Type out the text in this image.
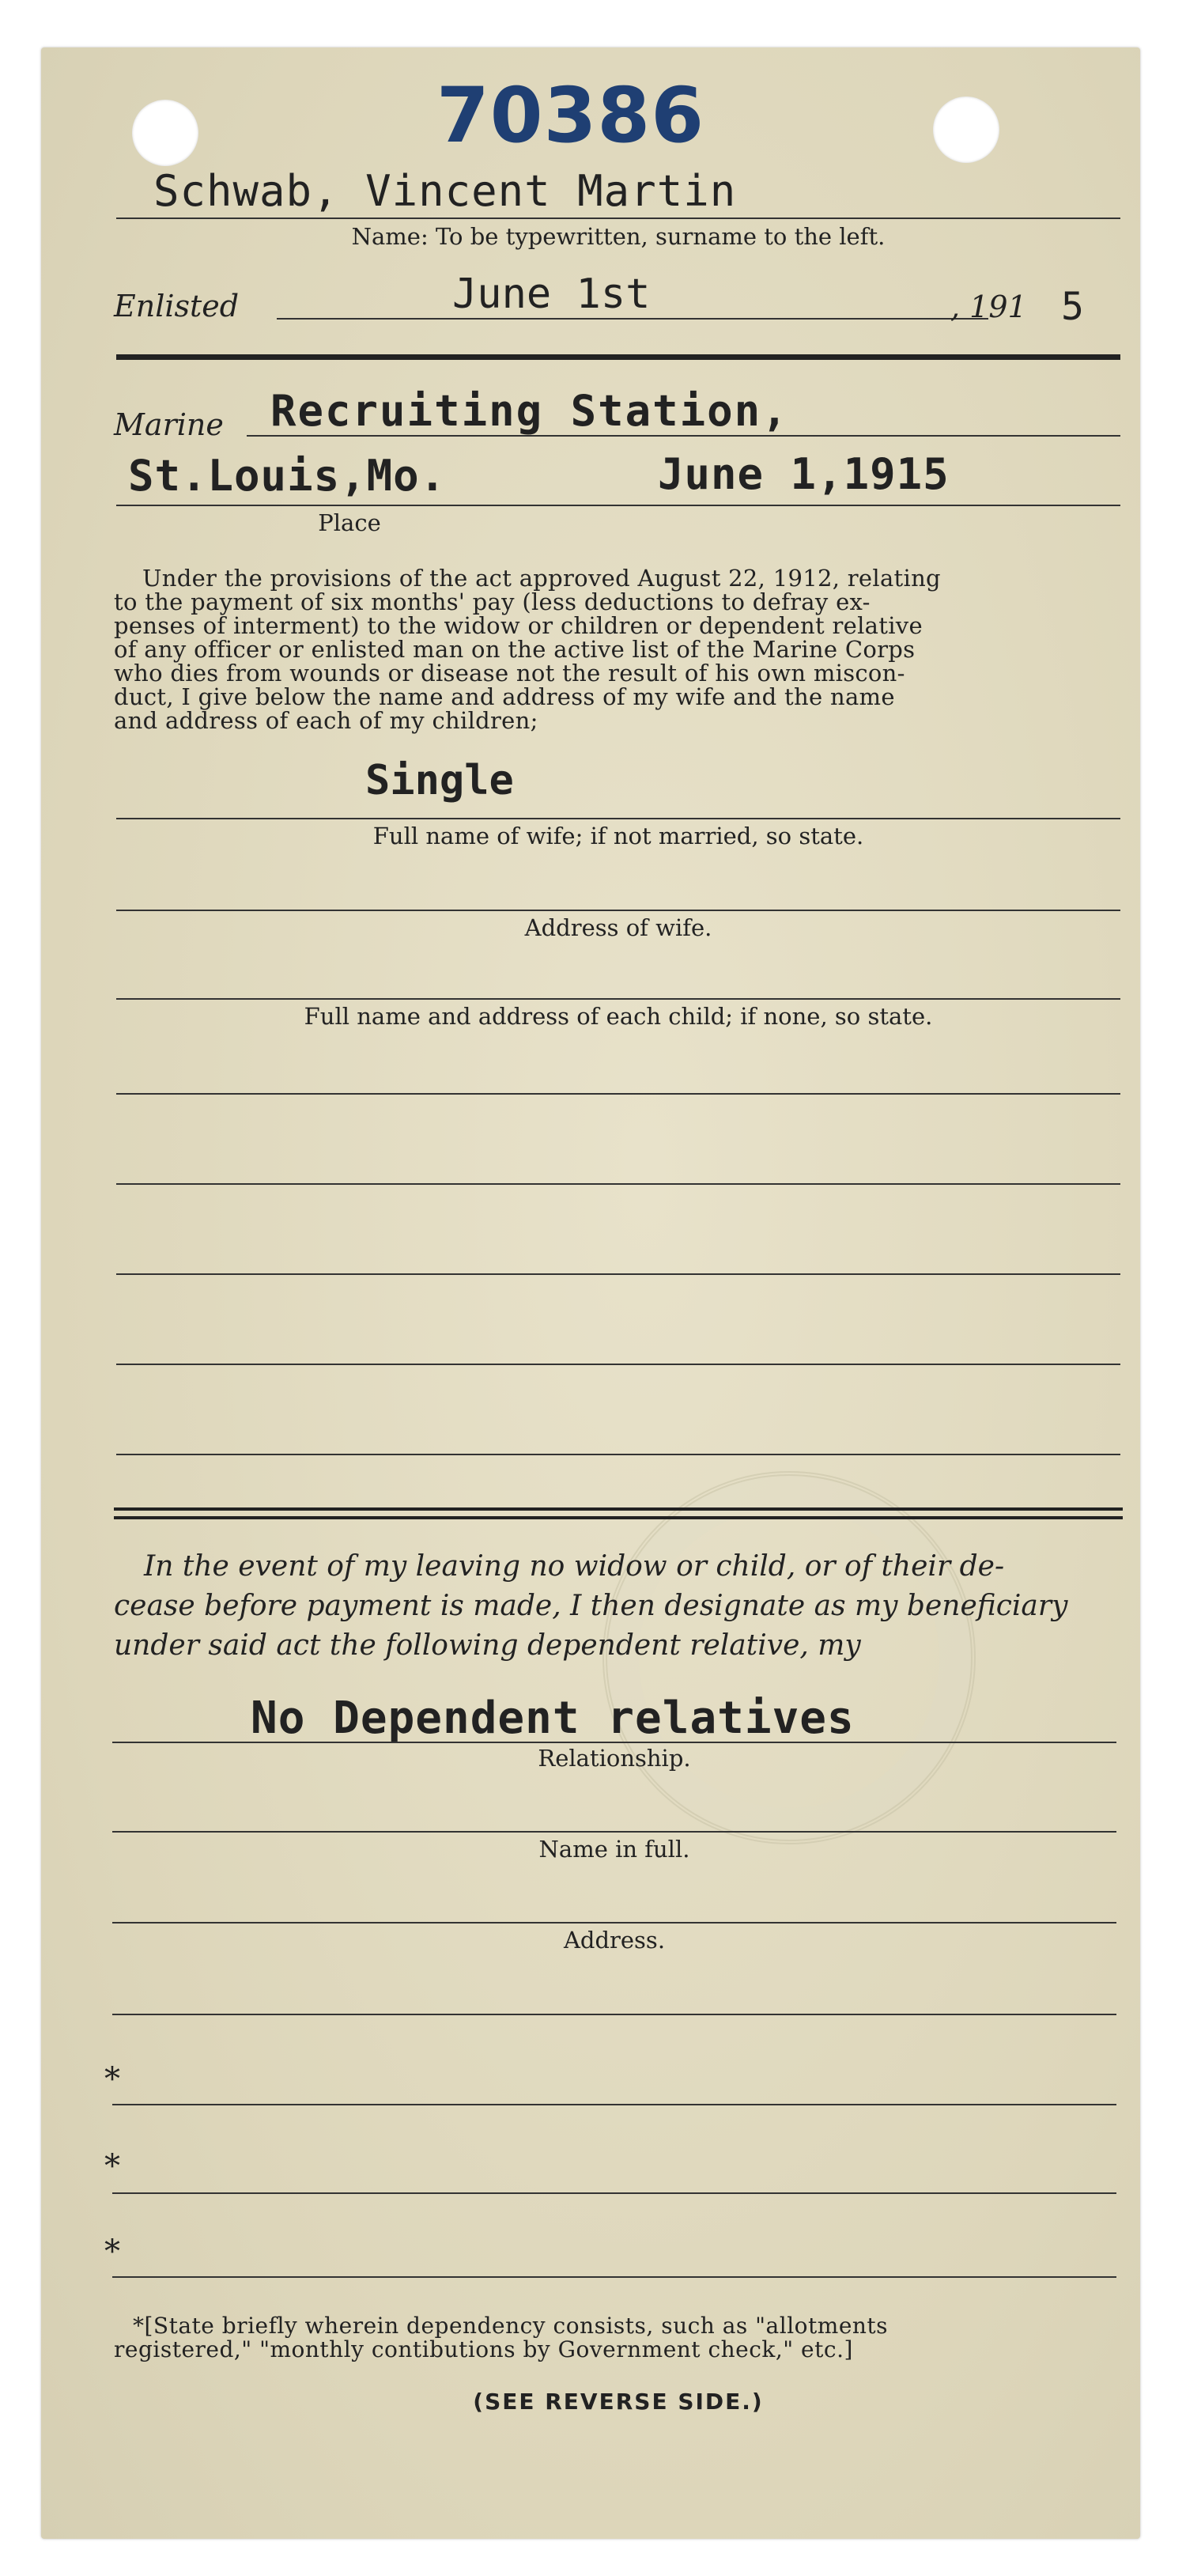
70386
Schwab, Vincent Martin
Name: To be typewritten, surname to the left.
Enlisted	June 1st	, 191 5
Marine Recruiting Station,
St.Louis,Mo.	June 1,1915
Place
Under the provisions of the act approved August 22, 1912, relating
to the payment of six months' pay (less deductions to defray ex-
penses of interment) to the widow or children or dependent relative
of any officer or enlisted man on the active list of the Marine Corps
who dies from wounds or disease not the result of his own miscon-
duct, I give below the name and address of my wife and the name
and address of each of my children;
Single
Full name of wife; if not married, so state.
Address of wife.
Full name and address of each child; if none, so state.
In the event of my leaving no widow or child, or of their de-
cease before payment is made, I then designate as my beneficiary
under said act the following dependent relative, my
No Dependent relatives
Relationship.
Name in full.
Address.
*
*
*
*[State briefly wherein dependency consists, such as "allotments
registered," "monthly contibutions by Government check," etc.]
(SEE REVERSE SIDE.)
